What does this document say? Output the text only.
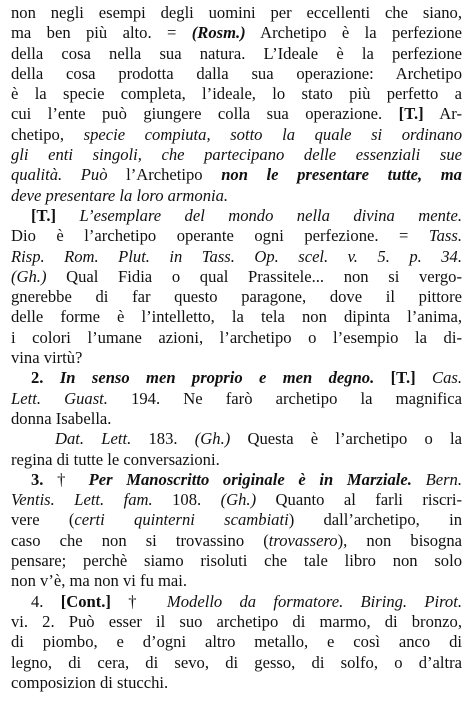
non negli esempi degli uomini per eccellenti che siano,
ma ben più alto. = (Rosm.) Archetipo è la perfezione
della cosa nella sua natura. L’Ideale è la perfezione
della cosa prodotta dalla sua operazione: Archetipo
è la specie completa, l’ideale, lo stato più perfetto a
cui l’ente può giungere colla sua operazione. [T.] Ar-
chetipo, specie compiuta, sotto la quale si ordinano
gli enti singoli, che partecipano delle essenziali sue
qualità. Può l’Archetipo non le presentare tutte, ma
deve presentare la loro armonia.
[T.] L’esemplare del mondo nella divina mente.
Dio è l’archetipo operante ogni perfezione. = Tass.
Risp. Rom. Plut. in Tass. Op. scel. v. 5. p. 34.
(Gh.) Qual Fidia o qual Prassitele... non si vergo-
gnerebbe di far questo paragone, dove il pittore
delle forme è l’intelletto, la tela non dipinta l’anima,
i colori l’umane azioni, l’archetipo o l’esempio la di-
vina virtù?
2. In senso men proprio e men degno. [T.] Cas.
Lett. Guast. 194. Ne farò archetipo la magnifica
donna Isabella.
Dat. Lett. 183. (Gh.) Questa è l’archetipo o la
regina di tutte le conversazioni.
3. † Per Manoscritto originale è in Marziale. Bern.
Ventis. Lett. fam. 108. (Gh.) Quanto al farli riscri-
vere (certi quinterni scambiati) dall’archetipo, in
caso che non si trovassino (trovassero), non bisogna
pensare; perchè siamo risoluti che tale libro non solo
non v’è, ma non vi fu mai.
4. [Cont.] † Modello da formatore. Biring. Pirot.
vi. 2. Può esser il suo archetipo di marmo, di bronzo,
di piombo, e d’ogni altro metallo, e così anco di
legno, di cera, di sevo, di gesso, di solfo, o d’altra
composizion di stucchi.
